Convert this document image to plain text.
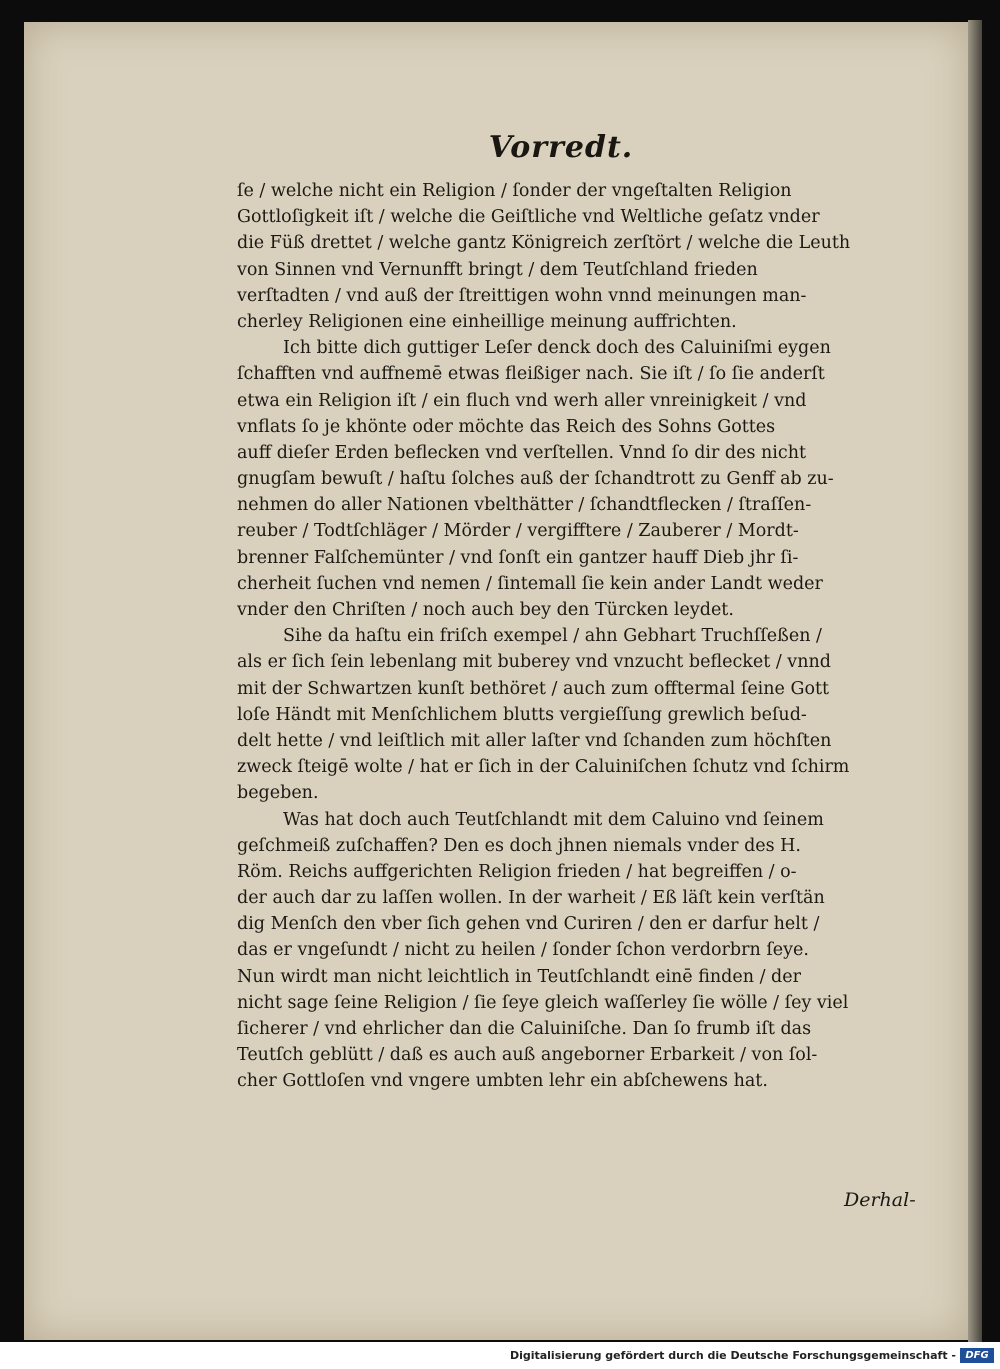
Vorredt.
ſe / welche nicht ein Religion / ſonder der vngeſtalten Religion
Gottloſigkeit iſt / welche die Geiſtliche vnd Weltliche geſatz vnder
die Füß drettet / welche gantz Königreich zerſtört / welche die Leuth
von Sinnen vnd Vernunfft bringt / dem Teutſchland frieden
verſtadten / vnd auß der ſtreittigen wohn vnnd meinungen man-
cherley Religionen eine einheillige meinung auffrichten.
Ich bitte dich guttiger Leſer denck doch des Caluiniſmi eygen
ſchafften vnd auffnemē etwas fleißiger nach. Sie iſt / ſo ſie anderſt
etwa ein Religion iſt / ein fluch vnd werh aller vnreinigkeit / vnd
vnflats ſo je khönte oder möchte das Reich des Sohns Gottes
auff dieſer Erden beflecken vnd verſtellen. Vnnd ſo dir des nicht
gnugſam bewuſt / haſtu ſolches auß der ſchandtrott zu Genff ab zu-
nehmen do aller Nationen vbelthätter / ſchandtflecken / ſtraſſen-
reuber / Todtſchläger / Mörder / vergifftere / Zauberer / Mordt-
brenner Falſchemünter / vnd ſonſt ein gantzer hauff Dieb jhr ſi-
cherheit ſuchen vnd nemen / ſintemall ſie kein ander Landt weder
vnder den Chriſten / noch auch bey den Türcken leydet.
Sihe da haſtu ein friſch exempel / ahn Gebhart Truchſſeßen /
als er ſich ſein lebenlang mit buberey vnd vnzucht beflecket / vnnd
mit der Schwartzen kunſt bethöret / auch zum offtermal ſeine Gott
loſe Händt mit Menſchlichem blutts vergieſſung grewlich beſud-
delt hette / vnd leiſtlich mit aller laſter vnd ſchanden zum höchſten
zweck ſteigē wolte / hat er ſich in der Caluiniſchen ſchutz vnd ſchirm
begeben.
Was hat doch auch Teutſchlandt mit dem Caluino vnd ſeinem
geſchmeiß zuſchaffen? Den es doch jhnen niemals vnder des H.
Röm. Reichs auffgerichten Religion frieden / hat begreiffen / o-
der auch dar zu laſſen wollen. In der warheit / Eß läſt kein verſtän
dig Menſch den vber ſich gehen vnd Curiren / den er darfur helt /
das er vngeſundt / nicht zu heilen / ſonder ſchon verdorbrn ſeye.
Nun wirdt man nicht leichtlich in Teutſchlandt einē finden / der
nicht sage ſeine Religion / ſie ſeye gleich waſſerley ſie wölle / ſey viel
ſicherer / vnd ehrlicher dan die Caluiniſche. Dan ſo frumb iſt das
Teutſch geblütt / daß es auch auß angeborner Erbarkeit / von ſol-
cher Gottloſen vnd vngere umbten lehr ein abſchewens hat.
Derhal-
Digitalisierung gefördert durch die Deutsche Forschungsgemeinschaft - DFG
